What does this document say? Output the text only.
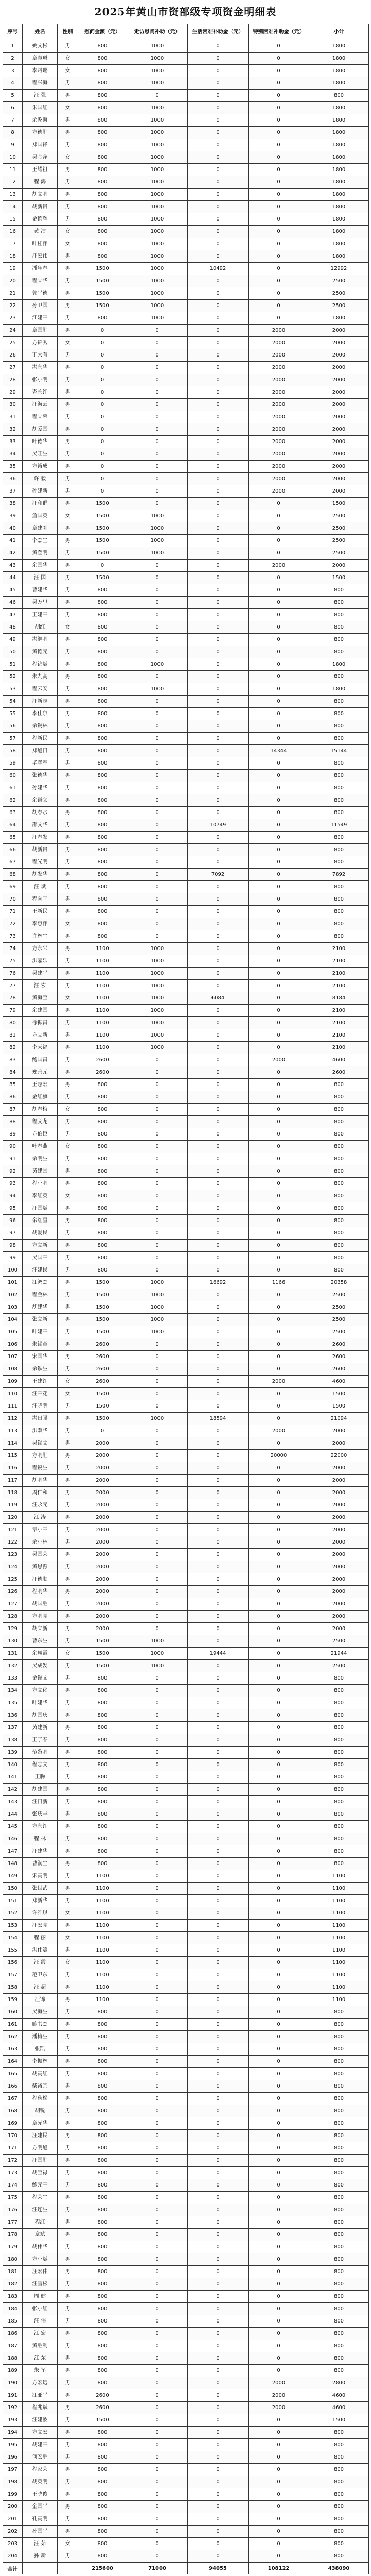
2025年黄山市资部级专项资金明细表
序号	姓名	性别	慰问金额（元）	走访慰问补助（元）	生活困难补助金（元）	特别困难补助金（元）	小计
1	姚文彬	男	800	1000	0	0	1800
2	章慧琳	女	800	1000	0	0	1800
3	李丹璐	女	800	1000	0	0	1800
4	程兴海	男	800	1000	0	0	1800
5	汪 强	男	800	0	0	0	800
6	朱国红	女	800	1000	0	0	1800
7	余乾海	男	800	1000	0	0	1800
8	方德胜	男	800	1000	0	0	1800
9	郑国锋	男	800	1000	0	0	1800
10	吴金萍	女	800	1000	0	0	1800
11	王耀祖	男	800	1000	0	0	1800
12	程 鸿	男	800	1000	0	0	1800
13	胡文明	男	800	1000	0	0	1800
14	胡新贵	男	800	1000	0	0	1800
15	金德辉	男	800	1000	0	0	1800
16	黄 洁	女	800	1000	0	0	1800
17	叶桂萍	女	800	1000	0	0	1800
18	汪宏伟	男	800	1000	0	0	1800
19	潘年春	男	1500	1000	10492	0	12992
20	程立华	男	1500	1000	0	0	2500
21	郭平德	男	1500	1000	0	0	2500
22	孙卫国	男	1500	1000	0	0	2500
23	江建平	男	800	1000	0	0	1800
24	章国胜	男	0	0	0	2000	2000
25	方锦秀	女	0	0	0	2000	2000
26	丁大有	男	0	0	0	2000	2000
27	洪永华	男	0	0	0	2000	2000
28	张小明	男	0	0	0	2000	2000
29	查永红	男	0	0	0	2000	2000
30	汪海云	男	0	0	0	2000	2000
31	程立荣	男	0	0	0	2000	2000
32	胡爱国	男	0	0	0	2000	2000
33	叶德华	男	0	0	0	2000	2000
34	吴旺生	男	0	0	0	2000	2000
35	方裕成	男	0	0	0	2000	2000
36	许 毅	男	0	0	0	2000	2000
37	孙建新	男	0	0	0	2000	2000
38	汪和群	男	1500	0	0	0	1500
39	詹国英	女	1500	1000	0	0	2500
40	章建刚	男	1500	1000	0	0	2500
41	李杰生	男	1500	1000	0	0	2500
42	黄登明	男	1500	1000	0	0	2500
43	余国华	男	0	0	0	2000	2000
44	汪 国	男	1500	0	0	0	1500
45	曹建华	男	800	0	0	0	800
46	吴万里	男	800	0	0	0	800
47	王建平	男	800	0	0	0	800
48	胡红	女	800	0	0	0	800
49	洪继明	男	800	0	0	0	800
50	黄德元	男	800	0	0	0	800
51	程锦斌	男	800	1000	0	0	1800
52	朱九高	男	800	0	0	0	800
53	程云安	男	800	1000	0	0	1800
54	汪新志	男	800	0	0	0	800
55	李佳尔	男	800	0	0	0	800
56	余锡林	男	800	0	0	0	800
57	程新民	男	800	0	0	0	800
58	郑旭日	男	800	0	0	14344	15144
59	毕孝军	男	800	0	0	0	800
60	张德华	男	800	0	0	0	800
61	孙建华	男	800	0	0	0	800
62	余谦义	男	800	0	0	0	800
63	胡春水	男	800	0	0	0	800
64	邵文华	男	800	0	10749	0	11549
65	汪春发	男	800	0	0	0	800
66	胡新贵	男	800	0	0	0	800
67	程光明	男	800	0	0	0	800
68	胡发华	男	800	0	7092	0	7892
69	汪 斌	男	800	0	0	0	800
70	程向平	男	800	0	0	0	800
71	王新民	男	800	0	0	0	800
72	李惠萍	女	800	0	0	0	800
73	许林生	男	800	0	0	0	800
74	方永兴	男	1100	1000	0	0	2100
75	洪嘉乐	男	1100	1000	0	0	2100
76	吴建平	男	1100	1000	0	0	2100
77	汪 宏	男	1100	1000	0	0	2100
78	黄海宝	女	1100	1000	6084	0	8184
79	余建国	男	1100	1000	0	0	2100
80	徐振昌	男	1100	1000	0	0	2100
81	方立新	男	1100	1000	0	0	2100
82	李天福	男	1100	1000	0	0	2100
83	鲍国昌	男	2600	0	0	2000	4600
84	郑善元	男	2600	0	0	0	2600
85	王志宏	男	800	0	0	0	800
86	金红旗	男	800	0	0	0	800
87	胡春梅	女	800	0	0	0	800
88	程文龙	男	800	0	0	0	800
89	方伯臣	男	800	0	0	0	800
90	叶春燕	女	800	0	0	0	800
91	余明生	男	800	0	0	0	800
92	黄建国	男	800	0	0	0	800
93	程小明	男	800	0	0	0	800
94	李红英	女	800	0	0	0	800
95	汪国斌	男	800	0	0	0	800
96	余红星	男	800	0	0	0	800
97	胡爱民	男	800	0	0	0	800
98	方立新	男	800	0	0	0	800
99	吴国平	男	800	0	0	0	800
100	汪建民	男	800	0	0	0	800
101	江鸿杰	男	1500	1000	16692	1166	20358
102	程金林	男	1500	1000	0	0	2500
103	胡建华	男	1500	1000	0	0	2500
104	张立新	男	1500	1000	0	0	2500
105	叶建平	男	1500	1000	0	0	2500
106	朱锡章	男	2600	0	0	0	2600
107	宋国华	男	2600	0	0	0	2600
108	余铁生	男	2600	0	0	0	2600
109	王建红	女	2600	0	0	2000	4600
110	汪平花	女	1500	0	0	0	1500
111	汪晓明	男	1500	0	0	0	1500
112	洪日强	男	1500	1000	18594	0	21094
113	洪双华	男	0	0	0	2000	2000
114	吴锡文	男	2000	0	0	0	2000
115	方明胜	男	2000	0	0	20000	22000
116	程锐生	男	2000	0	0	0	2000
117	胡明华	男	2000	0	0	0	2000
118	周仁和	男	2000	0	0	0	2000
119	汪永元	男	2000	0	0	0	2000
120	江 涛	男	2000	0	0	0	2000
121	章小平	男	2000	0	0	0	2000
122	余小林	男	2000	0	0	0	2000
123	吴国荣	男	2000	0	0	0	2000
124	黄思源	男	2000	0	0	0	2000
125	汪德顺	男	2000	0	0	0	2000
126	程明华	男	2000	0	0	0	2000
127	胡国胜	男	2000	0	0	0	2000
128	方明亮	男	2000	0	0	0	2000
129	胡立新	男	2000	0	0	0	2000
130	曹东生	男	1500	1000	0	0	2500
131	余凤霞	女	1500	1000	19444	0	21944
132	吴成发	男	1500	1000	0	0	2500
133	金锡文	男	800	0	0	0	800
134	方文化	男	800	0	0	0	800
135	叶建华	男	800	0	0	0	800
136	胡国庆	男	800	0	0	0	800
137	黄建新	男	800	0	0	0	800
138	王子春	男	800	0	0	0	800
139	范黎明	男	800	0	0	0	800
140	程志文	男	800	0	0	0	800
141	王腾	男	800	0	0	0	800
142	胡建国	男	800	0	0	0	800
143	汪日新	男	800	0	0	0	800
144	张庆丰	男	800	0	0	0	800
145	方永红	男	800	0	0	0	800
146	程 林	男	800	0	0	0	800
147	汪建华	男	800	0	0	0	800
148	曹润生	男	800	0	0	0	800
149	宋高明	男	1100	0	0	0	1100
150	张世武	男	1100	0	0	0	1100
151	郑新华	男	1100	0	0	0	1100
152	许雅琪	女	1100	0	0	0	1100
153	汪宏亮	男	1100	0	0	0	1100
154	程 丽	女	1100	0	0	0	1100
155	洪仕斌	男	1100	0	0	0	1100
156	汪 霞	女	1100	0	0	0	1100
157	范卫东	男	1100	0	0	0	1100
158	汪 超	男	1100	0	0	0	1100
159	汪锦	男	1100	0	0	0	1100
160	吴海生	男	800	0	0	0	800
161	鲍书杰	男	800	0	0	0	800
162	潘梅生	男	800	0	0	0	800
163	张凯	男	800	0	0	0	800
164	李振林	男	800	0	0	0	800
165	胡高红	男	800	0	0	0	800
166	柴裕宗	男	800	0	0	0	800
167	程秋松	男	800	0	0	0	800
168	胡锐	男	800	0	0	0	800
169	章光华	男	800	0	0	0	800
170	汪建民	男	800	0	0	0	800
171	方明旭	男	800	0	0	0	800
172	汪国胜	男	800	0	0	0	800
173	胡宝禄	男	800	0	0	0	800
174	鲍元平	男	800	0	0	0	800
175	程荣生	男	800	0	0	0	800
176	汪连生	男	800	0	0	0	800
177	程红	男	800	0	0	0	800
178	章斌	男	800	0	0	0	800
179	胡伟华	男	800	0	0	0	800
180	方小斌	男	800	0	0	0	800
181	汪宏伟	男	800	0	0	0	800
182	汪雪松	男	800	0	0	0	800
183	周 健	男	800	0	0	0	800
184	张小红	男	800	0	0	0	800
185	汪 伟	男	800	0	0	0	800
186	江 宏	男	800	0	0	0	800
187	黄胜利	男	800	0	0	0	800
188	江 东	男	800	0	0	0	800
189	朱 军	男	800	0	0	0	800
190	方宏远	男	800	0	0	2000	2800
191	江亚平	男	2600	0	0	2000	4600
192	程兆斌	男	2600	0	0	2000	4600
193	汪建波	男	1500	0	0	0	1500
194	方文宏	男	800	0	0	0	800
195	胡建平	男	800	0	0	0	800
196	何宏胜	男	800	0	0	0	800
197	程家荣	男	800	0	0	0	800
198	胡英明	男	800	0	0	0	800
199	王晓俊	男	800	0	0	0	800
200	金国平	男	800	0	0	0	800
201	孔高明	男	800	0	0	0	800
202	孙国平	男	800	0	0	0	800
203	汪 茹	女	800	0	0	0	800
204	孙 新	男	800	0	0	0	800
合计			215600	71000	94055	108122	438090
